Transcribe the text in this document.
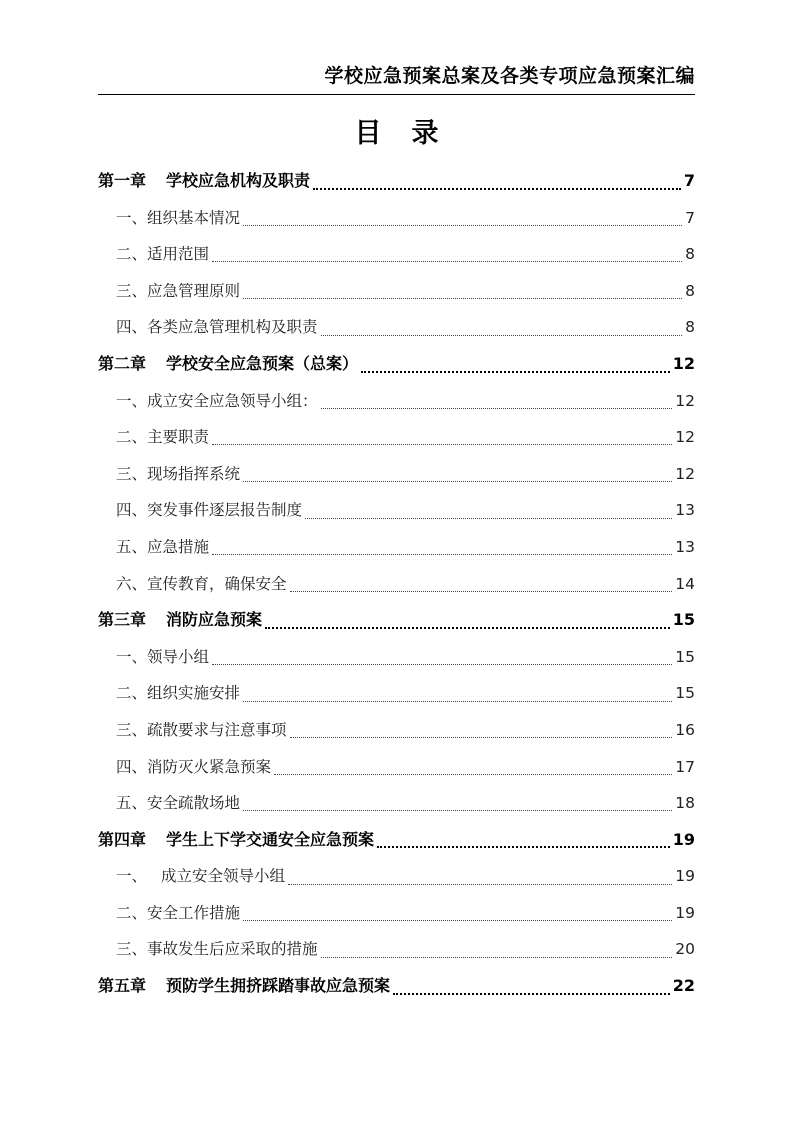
学校应急预案总案及各类专项应急预案汇编
目 录
第一章 学校应急机构及职责	7
一、组织基本情况	7
二、适用范围	8
三、应急管理原则	8
四、各类应急管理机构及职责	8
第二章 学校安全应急预案（总案）	12
一、成立安全应急领导小组：	12
二、主要职责	12
三、现场指挥系统	12
四、突发事件逐层报告制度	13
五、应急措施	13
六、宣传教育，确保安全	14
第三章 消防应急预案	15
一、领导小组	15
二、组织实施安排	15
三、疏散要求与注意事项	16
四、消防灭火紧急预案	17
五、安全疏散场地	18
第四章 学生上下学交通安全应急预案	19
一、 成立安全领导小组	19
二、安全工作措施	19
三、事故发生后应采取的措施	20
第五章 预防学生拥挤踩踏事故应急预案	22
